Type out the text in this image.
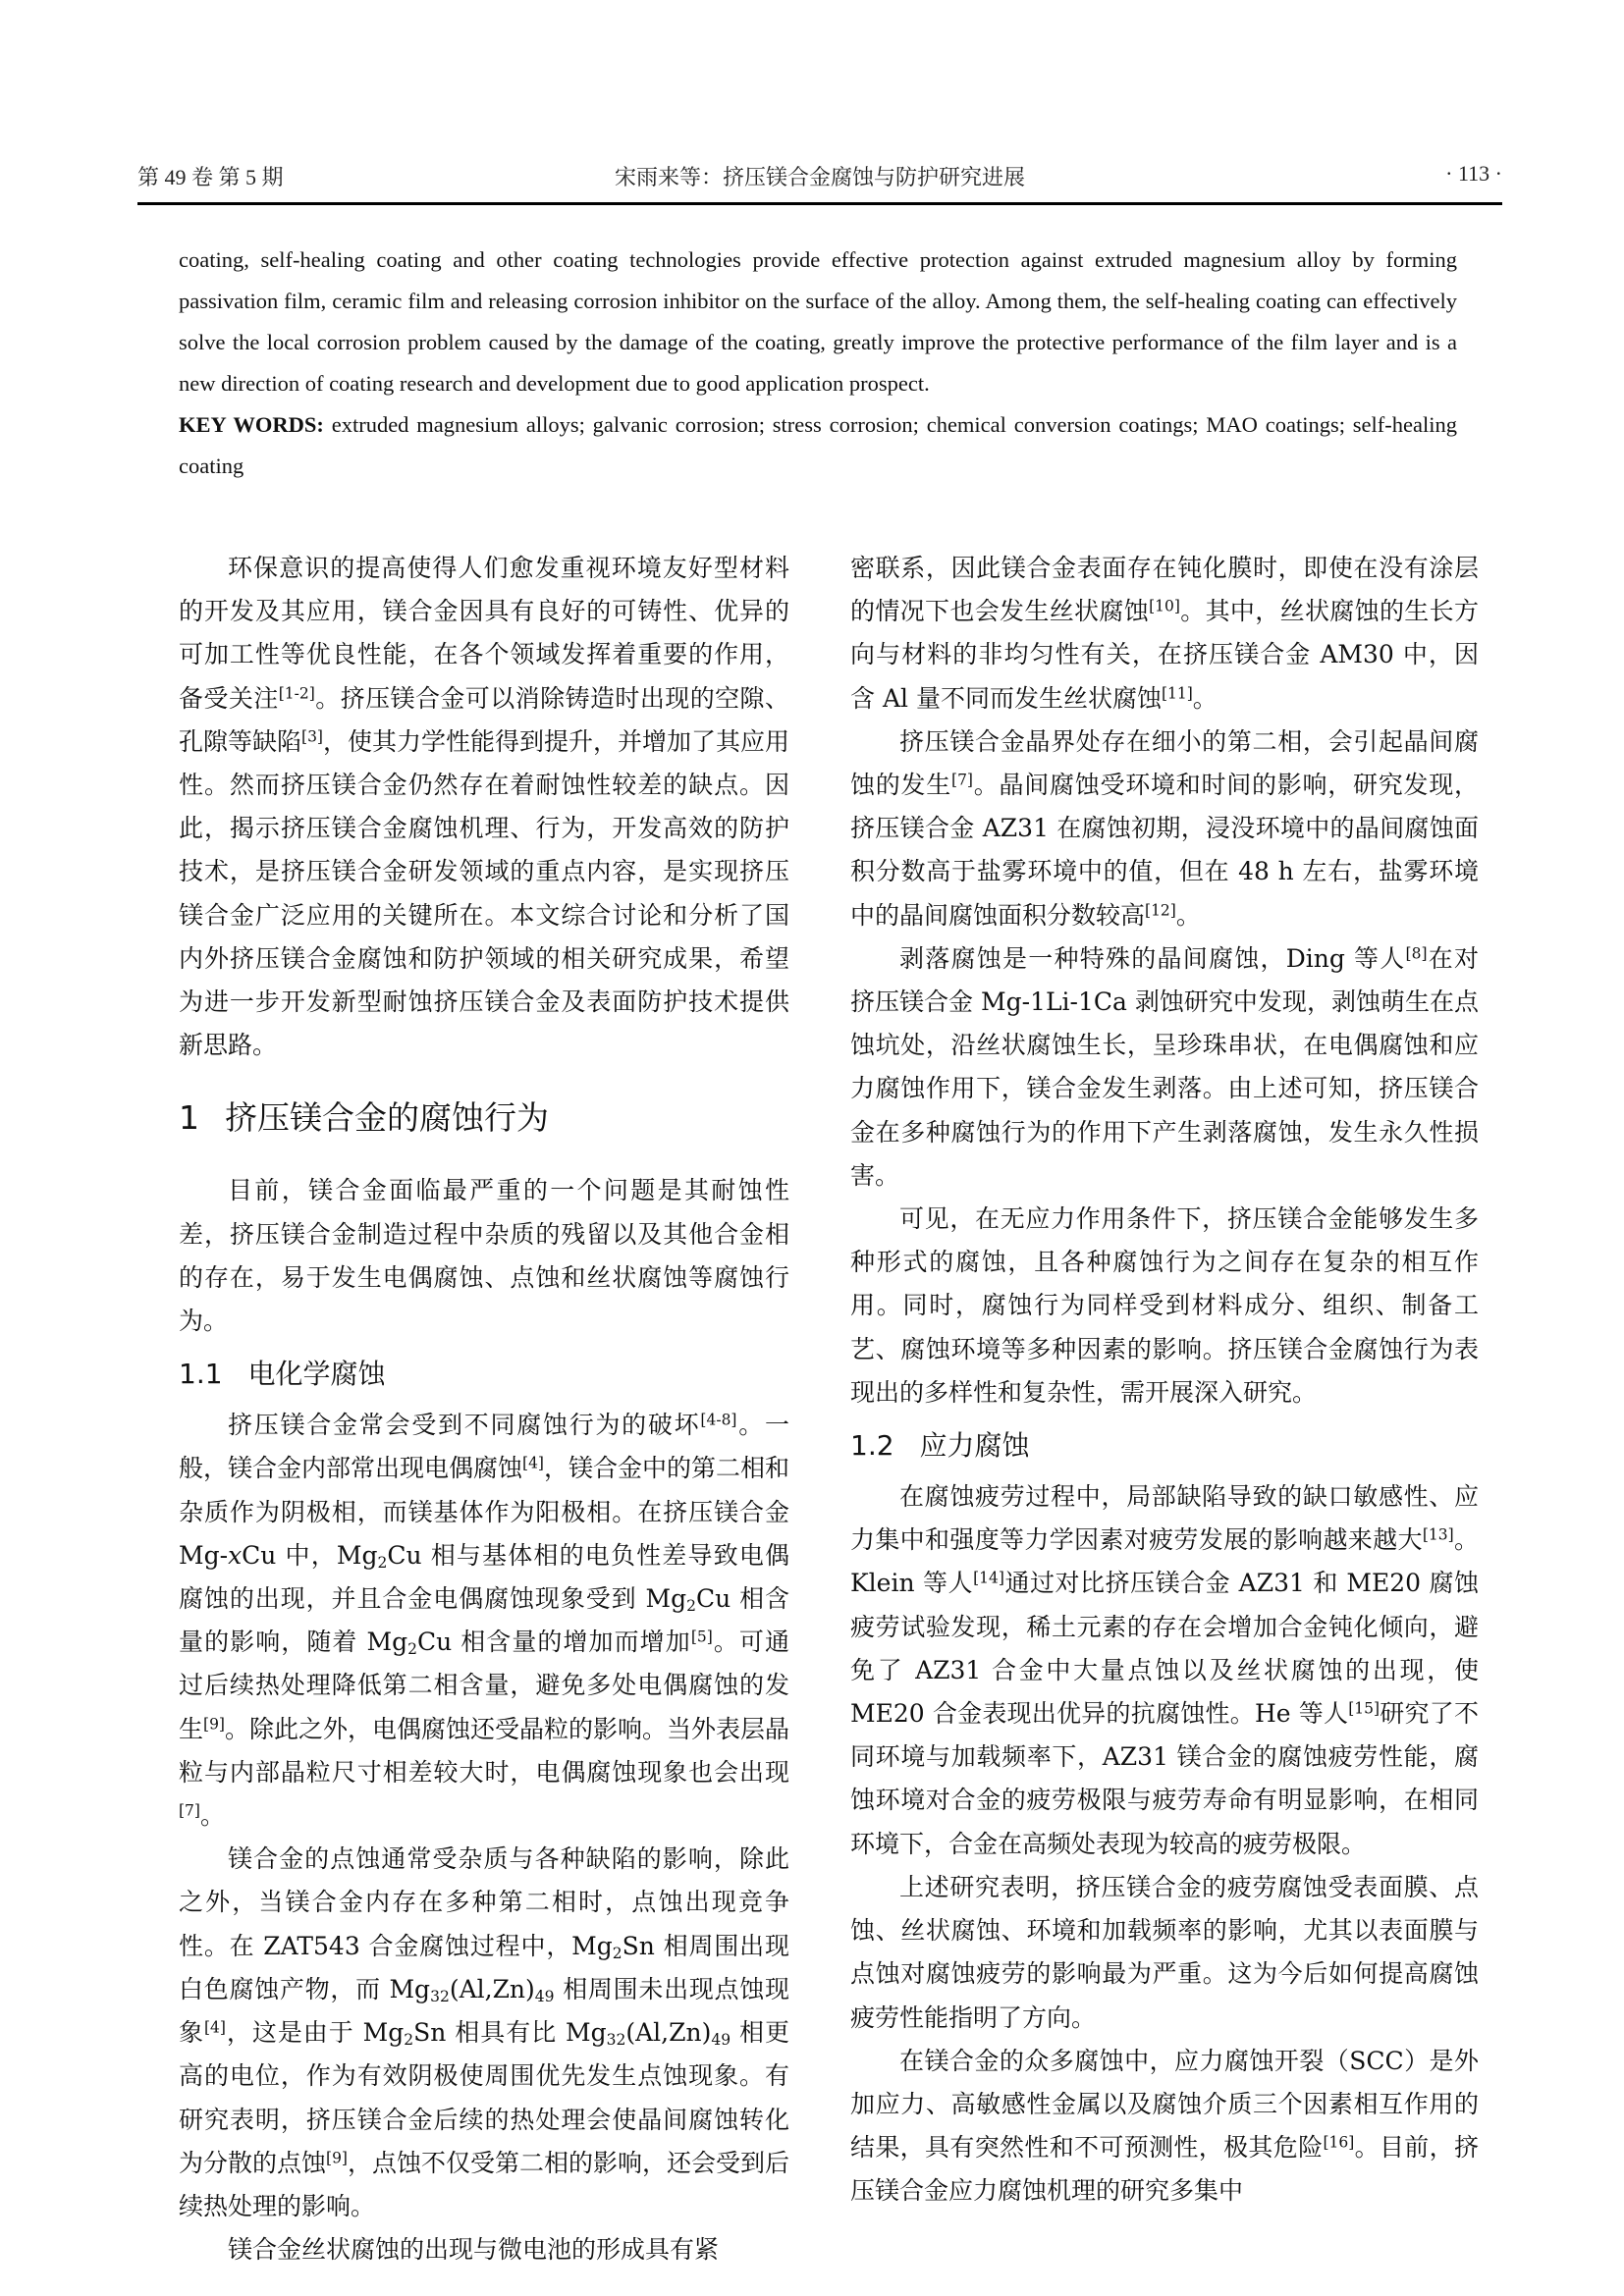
第 49 卷 第 5 期	宋雨来等：挤压镁合金腐蚀与防护研究进展	· 113 ·

coating, self-healing coating and other coating technologies provide effective protection against extruded magnesium alloy by forming passivation film, ceramic film and releasing corrosion inhibitor on the surface of the alloy. Among them, the self-healing coating can effectively solve the local corrosion problem caused by the damage of the coating, greatly improve the protective performance of the film layer and is a new direction of coating research and development due to good application prospect.

KEY WORDS: extruded magnesium alloys; galvanic corrosion; stress corrosion; chemical conversion coatings; MAO coatings; self-healing coating

环保意识的提高使得人们愈发重视环境友好型材料的开发及其应用，镁合金因具有良好的可铸性、优异的可加工性等优良性能，在各个领域发挥着重要的作用，备受关注[1-2]。挤压镁合金可以消除铸造时出现的空隙、孔隙等缺陷[3]，使其力学性能得到提升，并增加了其应用性。然而挤压镁合金仍然存在着耐蚀性较差的缺点。因此，揭示挤压镁合金腐蚀机理、行为，开发高效的防护技术，是挤压镁合金研发领域的重点内容，是实现挤压镁合金广泛应用的关键所在。本文综合讨论和分析了国内外挤压镁合金腐蚀和防护领域的相关研究成果，希望为进一步开发新型耐蚀挤压镁合金及表面防护技术提供新思路。

1 挤压镁合金的腐蚀行为

目前，镁合金面临最严重的一个问题是其耐蚀性差，挤压镁合金制造过程中杂质的残留以及其他合金相的存在，易于发生电偶腐蚀、点蚀和丝状腐蚀等腐蚀行为。

1.1 电化学腐蚀

挤压镁合金常会受到不同腐蚀行为的破坏[4-8]。一般，镁合金内部常出现电偶腐蚀[4]，镁合金中的第二相和杂质作为阴极相，而镁基体作为阳极相。在挤压镁合金 Mg-xCu 中，$Mg_2Cu$ 相与基体相的电负性差导致电偶腐蚀的出现，并且合金电偶腐蚀现象受到 $Mg_2Cu$ 相含量的影响，随着 $Mg_2Cu$ 相含量的增加而增加[5]。可通过后续热处理降低第二相含量，避免多处电偶腐蚀的发生[9]。除此之外，电偶腐蚀还受晶粒的影响。当外表层晶粒与内部晶粒尺寸相差较大时，电偶腐蚀现象也会出现[7]。

镁合金的点蚀通常受杂质与各种缺陷的影响，除此之外，当镁合金内存在多种第二相时，点蚀出现竞争性。在 ZAT543 合金腐蚀过程中，$Mg_2Sn$ 相周围出现白色腐蚀产物，而 $Mg_{32}(Al,Zn)_{49}$ 相周围未出现点蚀现象[4]，这是由于 $Mg_2Sn$ 相具有比 $Mg_{32}(Al,Zn)_{49}$ 相更高的电位，作为有效阴极使周围优先发生点蚀现象。有研究表明，挤压镁合金后续的热处理会使晶间腐蚀转化为分散的点蚀[9]，点蚀不仅受第二相的影响，还会受到后续热处理的影响。

镁合金丝状腐蚀的出现与微电池的形成具有紧

密联系，因此镁合金表面存在钝化膜时，即使在没有涂层的情况下也会发生丝状腐蚀[10]。其中，丝状腐蚀的生长方向与材料的非均匀性有关，在挤压镁合金 AM30 中，因含 Al 量不同而发生丝状腐蚀[11]。

挤压镁合金晶界处存在细小的第二相，会引起晶间腐蚀的发生[7]。晶间腐蚀受环境和时间的影响，研究发现，挤压镁合金 AZ31 在腐蚀初期，浸没环境中的晶间腐蚀面积分数高于盐雾环境中的值，但在 48 h 左右，盐雾环境中的晶间腐蚀面积分数较高[12]。

剥落腐蚀是一种特殊的晶间腐蚀，Ding 等人[8]在对挤压镁合金 Mg-1Li-1Ca 剥蚀研究中发现，剥蚀萌生在点蚀坑处，沿丝状腐蚀生长，呈珍珠串状，在电偶腐蚀和应力腐蚀作用下，镁合金发生剥落。由上述可知，挤压镁合金在多种腐蚀行为的作用下产生剥落腐蚀，发生永久性损害。

可见，在无应力作用条件下，挤压镁合金能够发生多种形式的腐蚀，且各种腐蚀行为之间存在复杂的相互作用。同时，腐蚀行为同样受到材料成分、组织、制备工艺、腐蚀环境等多种因素的影响。挤压镁合金腐蚀行为表现出的多样性和复杂性，需开展深入研究。

1.2 应力腐蚀

在腐蚀疲劳过程中，局部缺陷导致的缺口敏感性、应力集中和强度等力学因素对疲劳发展的影响越来越大[13]。Klein 等人[14]通过对比挤压镁合金 AZ31 和 ME20 腐蚀疲劳试验发现，稀土元素的存在会增加合金钝化倾向，避免了 AZ31 合金中大量点蚀以及丝状腐蚀的出现，使 ME20 合金表现出优异的抗腐蚀性。He 等人[15]研究了不同环境与加载频率下，AZ31 镁合金的腐蚀疲劳性能，腐蚀环境对合金的疲劳极限与疲劳寿命有明显影响，在相同环境下，合金在高频处表现为较高的疲劳极限。

上述研究表明，挤压镁合金的疲劳腐蚀受表面膜、点蚀、丝状腐蚀、环境和加载频率的影响，尤其以表面膜与点蚀对腐蚀疲劳的影响最为严重。这为今后如何提高腐蚀疲劳性能指明了方向。

在镁合金的众多腐蚀中，应力腐蚀开裂（SCC）是外加应力、高敏感性金属以及腐蚀介质三个因素相互作用的结果，具有突然性和不可预测性，极其危险[16]。目前，挤压镁合金应力腐蚀机理的研究多集中
